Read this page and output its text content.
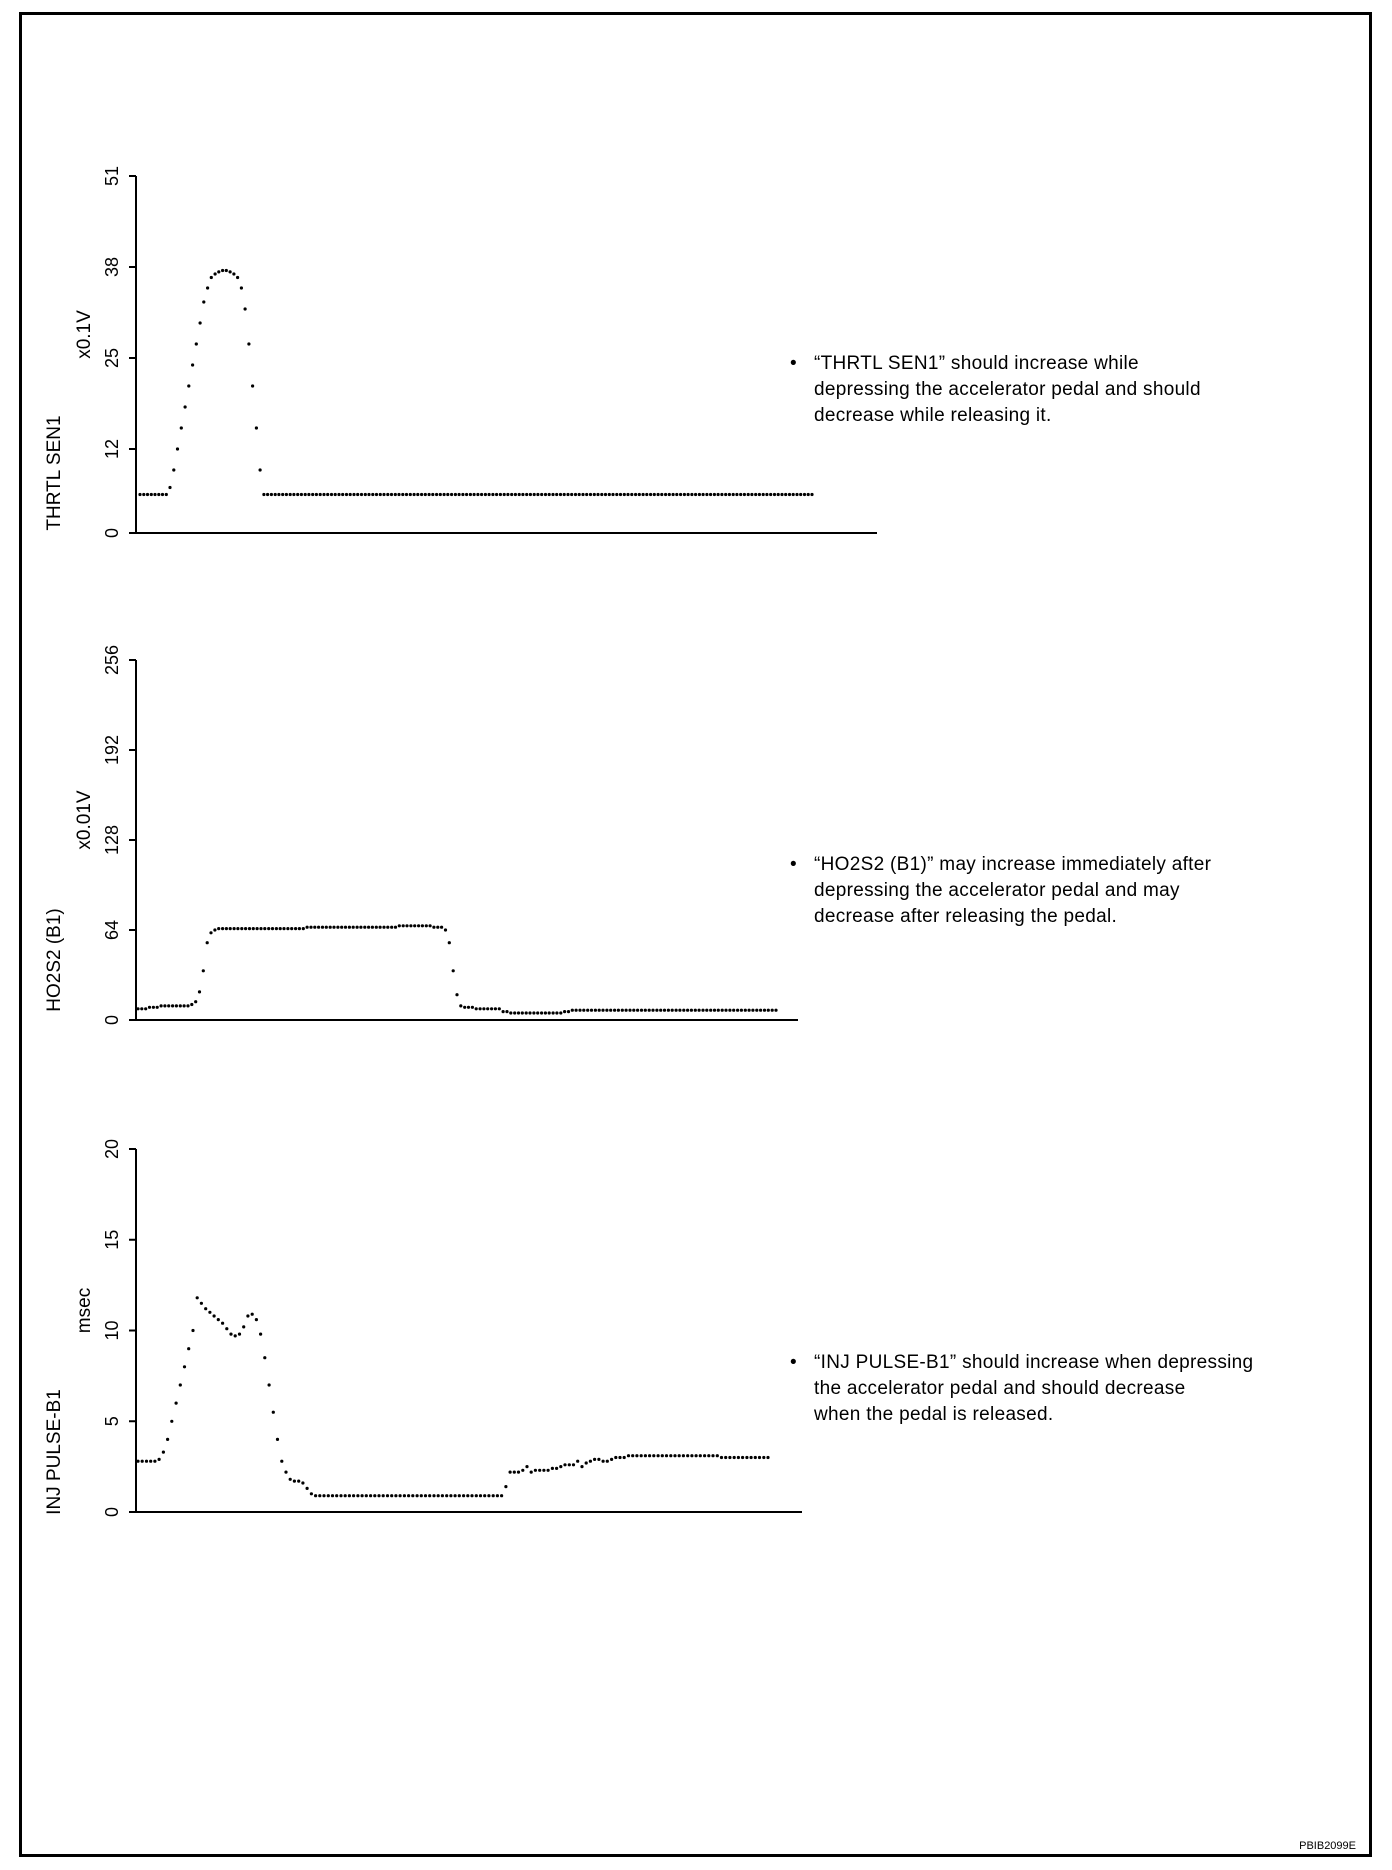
0
12
25
38
51
x0.1V
THRTL SEN1
0
64
128
192
256
x0.01V
HO2S2 (B1)
0
5
10
15
20
msec
INJ PULSE-B1
• “THRTL SEN1” should increase while
depressing the accelerator pedal and should
decrease while releasing it.
• “HO2S2 (B1)” may increase immediately after
depressing the accelerator pedal and may
decrease after releasing the pedal.
• “INJ PULSE-B1” should increase when depressing
the accelerator pedal and should decrease
when the pedal is released.
PBIB2099E
